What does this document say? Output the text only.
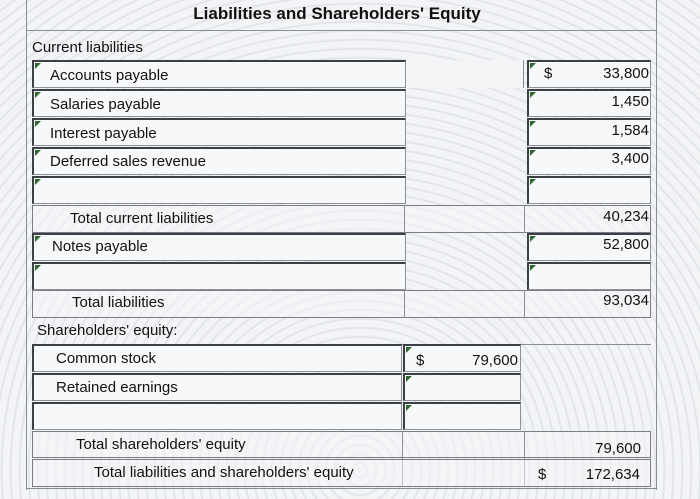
Liabilities and Shareholders' Equity
Current liabilities
Accounts payable	$	33,800
Salaries payable	1,450
Interest payable	1,584
Deferred sales revenue	3,400
Total current liabilities	40,234
Notes payable	52,800
Total liabilities	93,034
Shareholders' equity:
Common stock	$	79,600
Retained earnings
Total shareholders' equity	79,600
Total liabilities and shareholders' equity	$	172,634
